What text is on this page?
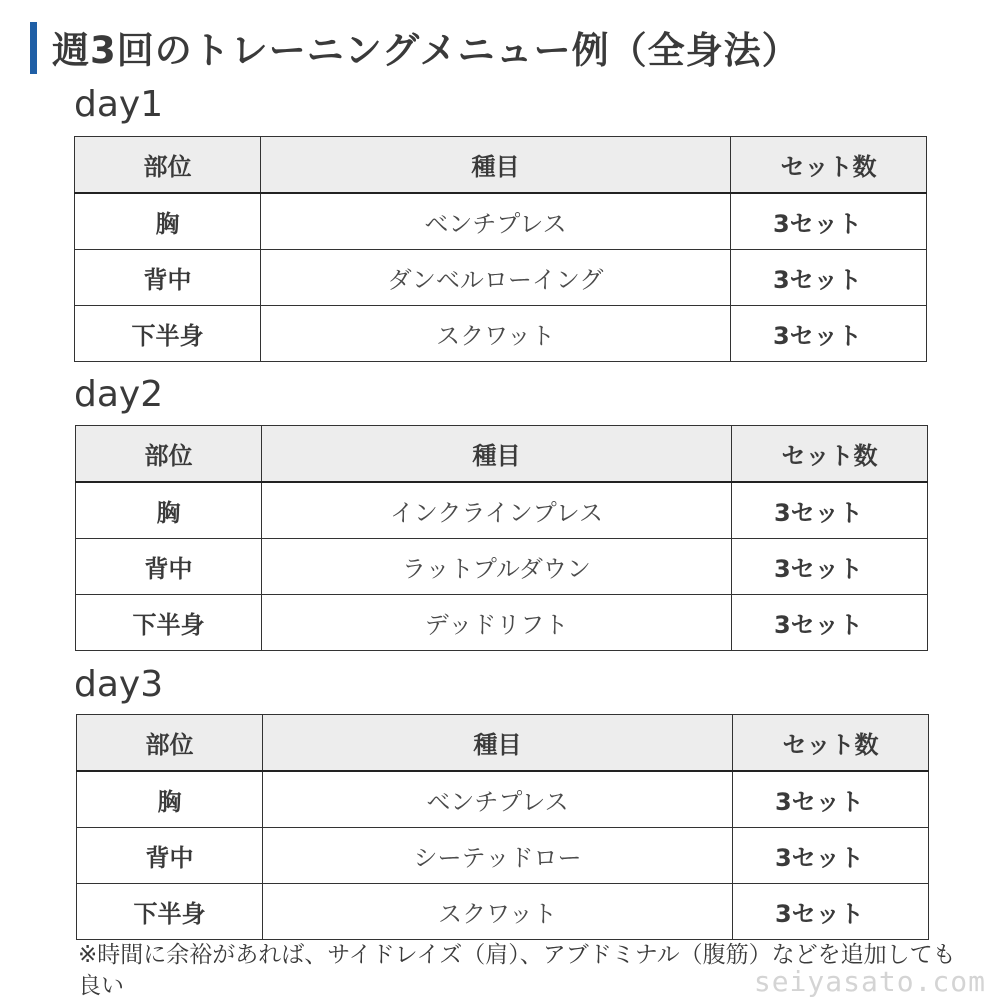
週3回のトレーニングメニュー例（全身法）
day1
部位	種目	セット数
胸	ベンチプレス	3セット
背中	ダンベルローイング	3セット
下半身	スクワット	3セット
day2
部位	種目	セット数
胸	インクラインプレス	3セット
背中	ラットプルダウン	3セット
下半身	デッドリフト	3セット
day3
部位	種目	セット数
胸	ベンチプレス	3セット
背中	シーテッドロー	3セット
下半身	スクワット	3セット
※時間に余裕があれば、サイドレイズ（肩）、アブドミナル（腹筋）などを追加しても良い	seiyasato.com
